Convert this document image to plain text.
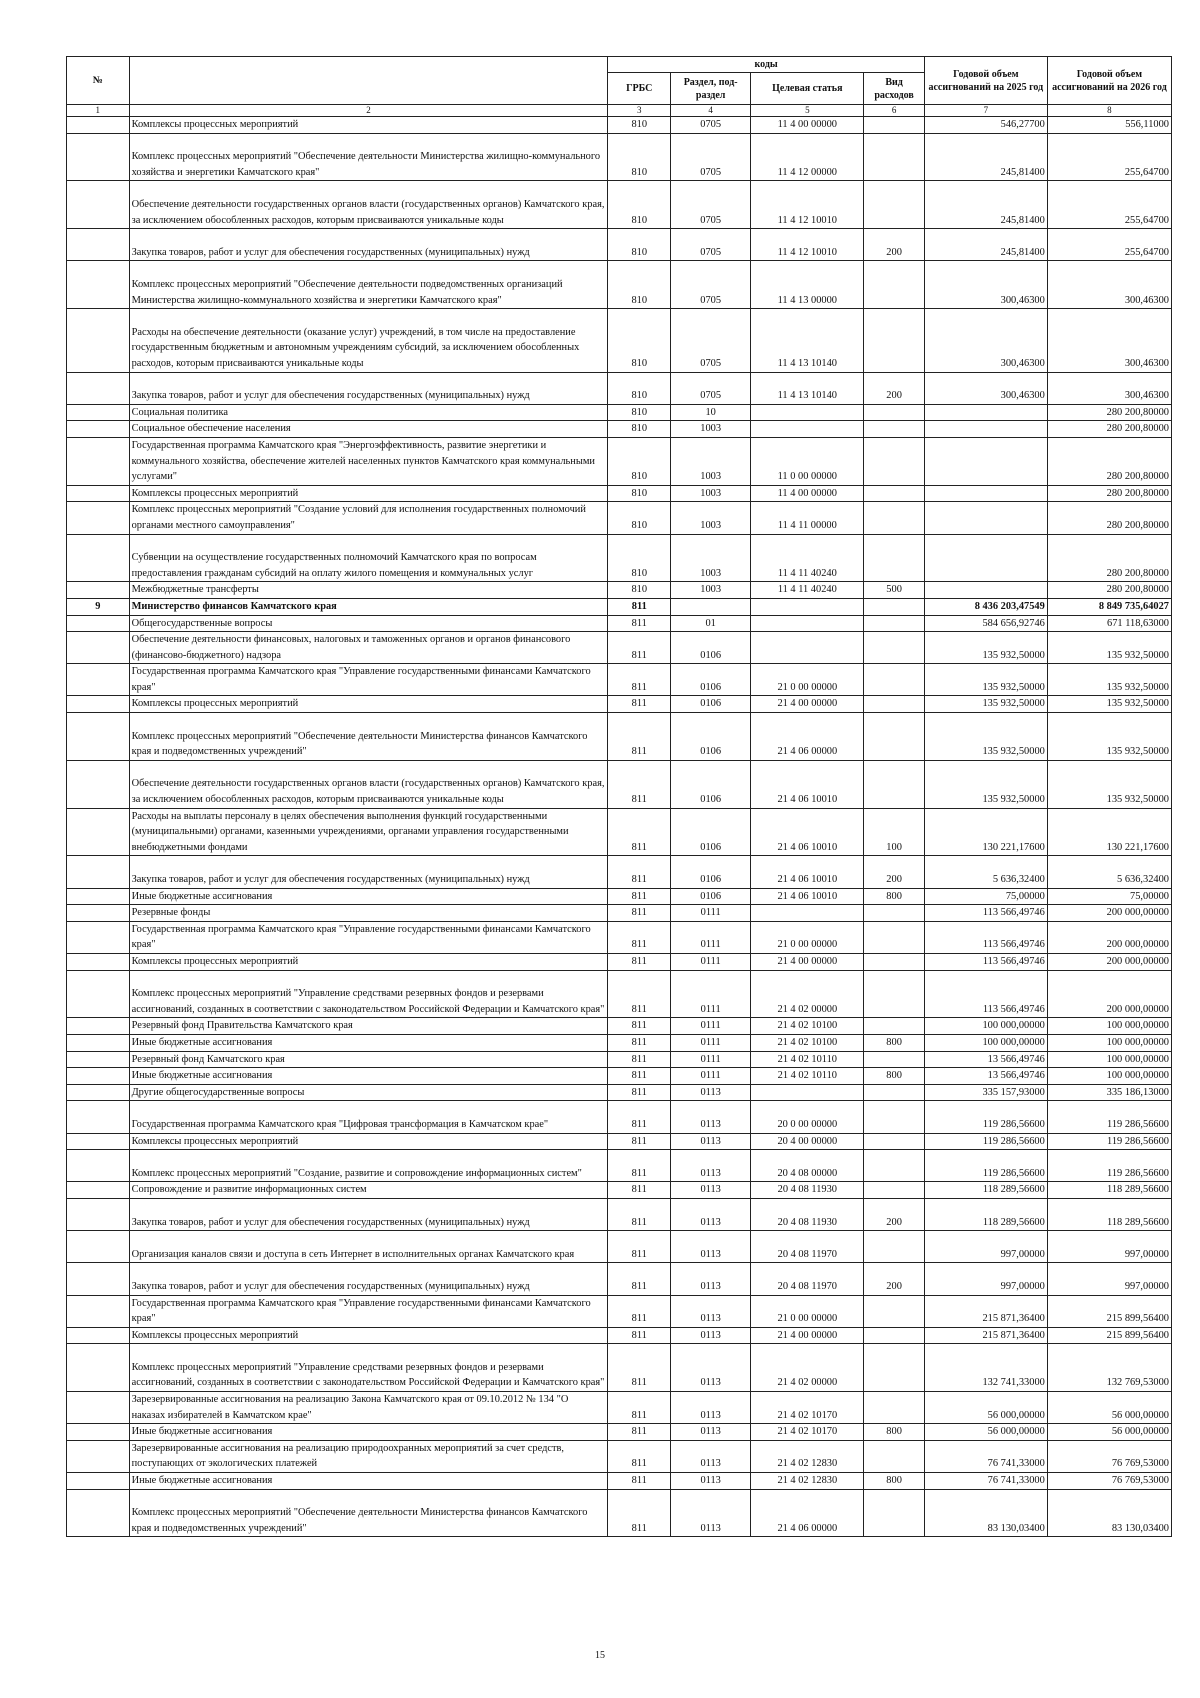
№		коды				Годовой объем ассигнований на 2025 год	Годовой объем ассигнований на 2026 год
		ГРБС	Раздел, под-раздел	Целевая статья	Вид расходов		
1	2	3	4	5	6	7	8
	Комплексы процессных мероприятий	810	0705	11 4 00 00000		546,27700	556,11000
	Комплекс процессных мероприятий "Обеспечение деятельности Министерства жилищно-коммунального хозяйства и энергетики Камчатского края"	810	0705	11 4 12 00000		245,81400	255,64700
	Обеспечение деятельности государственных органов власти (государственных органов) Камчатского края, за исключением обособленных расходов, которым присваиваются уникальные коды	810	0705	11 4 12 10010		245,81400	255,64700
	Закупка товаров, работ и услуг для обеспечения государственных (муниципальных) нужд	810	0705	11 4 12 10010	200	245,81400	255,64700
	Комплекс процессных мероприятий "Обеспечение деятельности подведомственных организаций Министерства жилищно-коммунального хозяйства и энергетики Камчатского края"	810	0705	11 4 13 00000		300,46300	300,46300
	Расходы на обеспечение деятельности (оказание услуг) учреждений, в том числе на предоставление государственным бюджетным и автономным учреждениям субсидий, за исключением обособленных расходов, которым присваиваются уникальные коды	810	0705	11 4 13 10140		300,46300	300,46300
	Закупка товаров, работ и услуг для обеспечения государственных (муниципальных) нужд	810	0705	11 4 13 10140	200	300,46300	300,46300
	Социальная политика	810	10				280 200,80000
	Социальное обеспечение населения	810	1003				280 200,80000
	Государственная программа Камчатского края "Энергоэффективность, развитие энергетики и коммунального хозяйства, обеспечение жителей населенных пунктов Камчатского края коммунальными услугами"	810	1003	11 0 00 00000			280 200,80000
	Комплексы процессных мероприятий	810	1003	11 4 00 00000			280 200,80000
	Комплекс процессных мероприятий "Создание условий для исполнения государственных полномочий органами местного самоуправления"	810	1003	11 4 11 00000			280 200,80000
	Субвенции на осуществление государственных полномочий Камчатского края по вопросам предоставления гражданам субсидий на оплату жилого помещения и коммунальных услуг	810	1003	11 4 11 40240			280 200,80000
	Межбюджетные трансферты	810	1003	11 4 11 40240	500		280 200,80000
9	Министерство финансов Камчатского края	811				8 436 203,47549	8 849 735,64027
	Общегосударственные вопросы	811	01			584 656,92746	671 118,63000
	Обеспечение деятельности финансовых, налоговых и таможенных органов и органов финансового (финансово-бюджетного) надзора	811	0106			135 932,50000	135 932,50000
	Государственная программа Камчатского края "Управление государственными финансами Камчатского края"	811	0106	21 0 00 00000		135 932,50000	135 932,50000
	Комплексы процессных мероприятий	811	0106	21 4 00 00000		135 932,50000	135 932,50000
	Комплекс процессных мероприятий "Обеспечение деятельности Министерства финансов Камчатского края и подведомственных учреждений"	811	0106	21 4 06 00000		135 932,50000	135 932,50000
	Обеспечение деятельности государственных органов власти (государственных органов) Камчатского края, за исключением обособленных расходов, которым присваиваются уникальные коды	811	0106	21 4 06 10010		135 932,50000	135 932,50000
	Расходы на выплаты персоналу в целях обеспечения выполнения функций государственными (муниципальными) органами, казенными учреждениями, органами управления государственными внебюджетными фондами	811	0106	21 4 06 10010	100	130 221,17600	130 221,17600
	Закупка товаров, работ и услуг для обеспечения государственных (муниципальных) нужд	811	0106	21 4 06 10010	200	5 636,32400	5 636,32400
	Иные бюджетные ассигнования	811	0106	21 4 06 10010	800	75,00000	75,00000
	Резервные фонды	811	0111			113 566,49746	200 000,00000
	Государственная программа Камчатского края "Управление государственными финансами Камчатского края"	811	0111	21 0 00 00000		113 566,49746	200 000,00000
	Комплексы процессных мероприятий	811	0111	21 4 00 00000		113 566,49746	200 000,00000
	Комплекс процессных мероприятий "Управление средствами резервных фондов и резервами ассигнований, созданных в соответствии с законодательством Российской Федерации и Камчатского края"	811	0111	21 4 02 00000		113 566,49746	200 000,00000
	Резервный фонд Правительства Камчатского края	811	0111	21 4 02 10100		100 000,00000	100 000,00000
	Иные бюджетные ассигнования	811	0111	21 4 02 10100	800	100 000,00000	100 000,00000
	Резервный фонд Камчатского края	811	0111	21 4 02 10110		13 566,49746	100 000,00000
	Иные бюджетные ассигнования	811	0111	21 4 02 10110	800	13 566,49746	100 000,00000
	Другие общегосударственные вопросы	811	0113			335 157,93000	335 186,13000
	Государственная программа Камчатского края "Цифровая трансформация в Камчатском крае"	811	0113	20 0 00 00000		119 286,56600	119 286,56600
	Комплексы процессных мероприятий	811	0113	20 4 00 00000		119 286,56600	119 286,56600
	Комплекс процессных мероприятий "Создание, развитие и сопровождение информационных систем"	811	0113	20 4 08 00000		119 286,56600	119 286,56600
	Сопровождение и развитие информационных систем	811	0113	20 4 08 11930		118 289,56600	118 289,56600
	Закупка товаров, работ и услуг для обеспечения государственных (муниципальных) нужд	811	0113	20 4 08 11930	200	118 289,56600	118 289,56600
	Организация каналов связи и доступа в сеть Интернет в исполнительных органах Камчатского края	811	0113	20 4 08 11970		997,00000	997,00000
	Закупка товаров, работ и услуг для обеспечения государственных (муниципальных) нужд	811	0113	20 4 08 11970	200	997,00000	997,00000
	Государственная программа Камчатского края "Управление государственными финансами Камчатского края"	811	0113	21 0 00 00000		215 871,36400	215 899,56400
	Комплексы процессных мероприятий	811	0113	21 4 00 00000		215 871,36400	215 899,56400
	Комплекс процессных мероприятий "Управление средствами резервных фондов и резервами ассигнований, созданных в соответствии с законодательством Российской Федерации и Камчатского края"	811	0113	21 4 02 00000		132 741,33000	132 769,53000
	Зарезервированные ассигнования на реализацию Закона Камчатского края от 09.10.2012 № 134 "О наказах избирателей в Камчатском крае"	811	0113	21 4 02 10170		56 000,00000	56 000,00000
	Иные бюджетные ассигнования	811	0113	21 4 02 10170	800	56 000,00000	56 000,00000
	Зарезервированные ассигнования на реализацию природоохранных мероприятий за счет средств, поступающих от экологических платежей	811	0113	21 4 02 12830		76 741,33000	76 769,53000
	Иные бюджетные ассигнования	811	0113	21 4 02 12830	800	76 741,33000	76 769,53000
	Комплекс процессных мероприятий "Обеспечение деятельности Министерства финансов Камчатского края и подведомственных учреждений"	811	0113	21 4 06 00000		83 130,03400	83 130,03400
15
